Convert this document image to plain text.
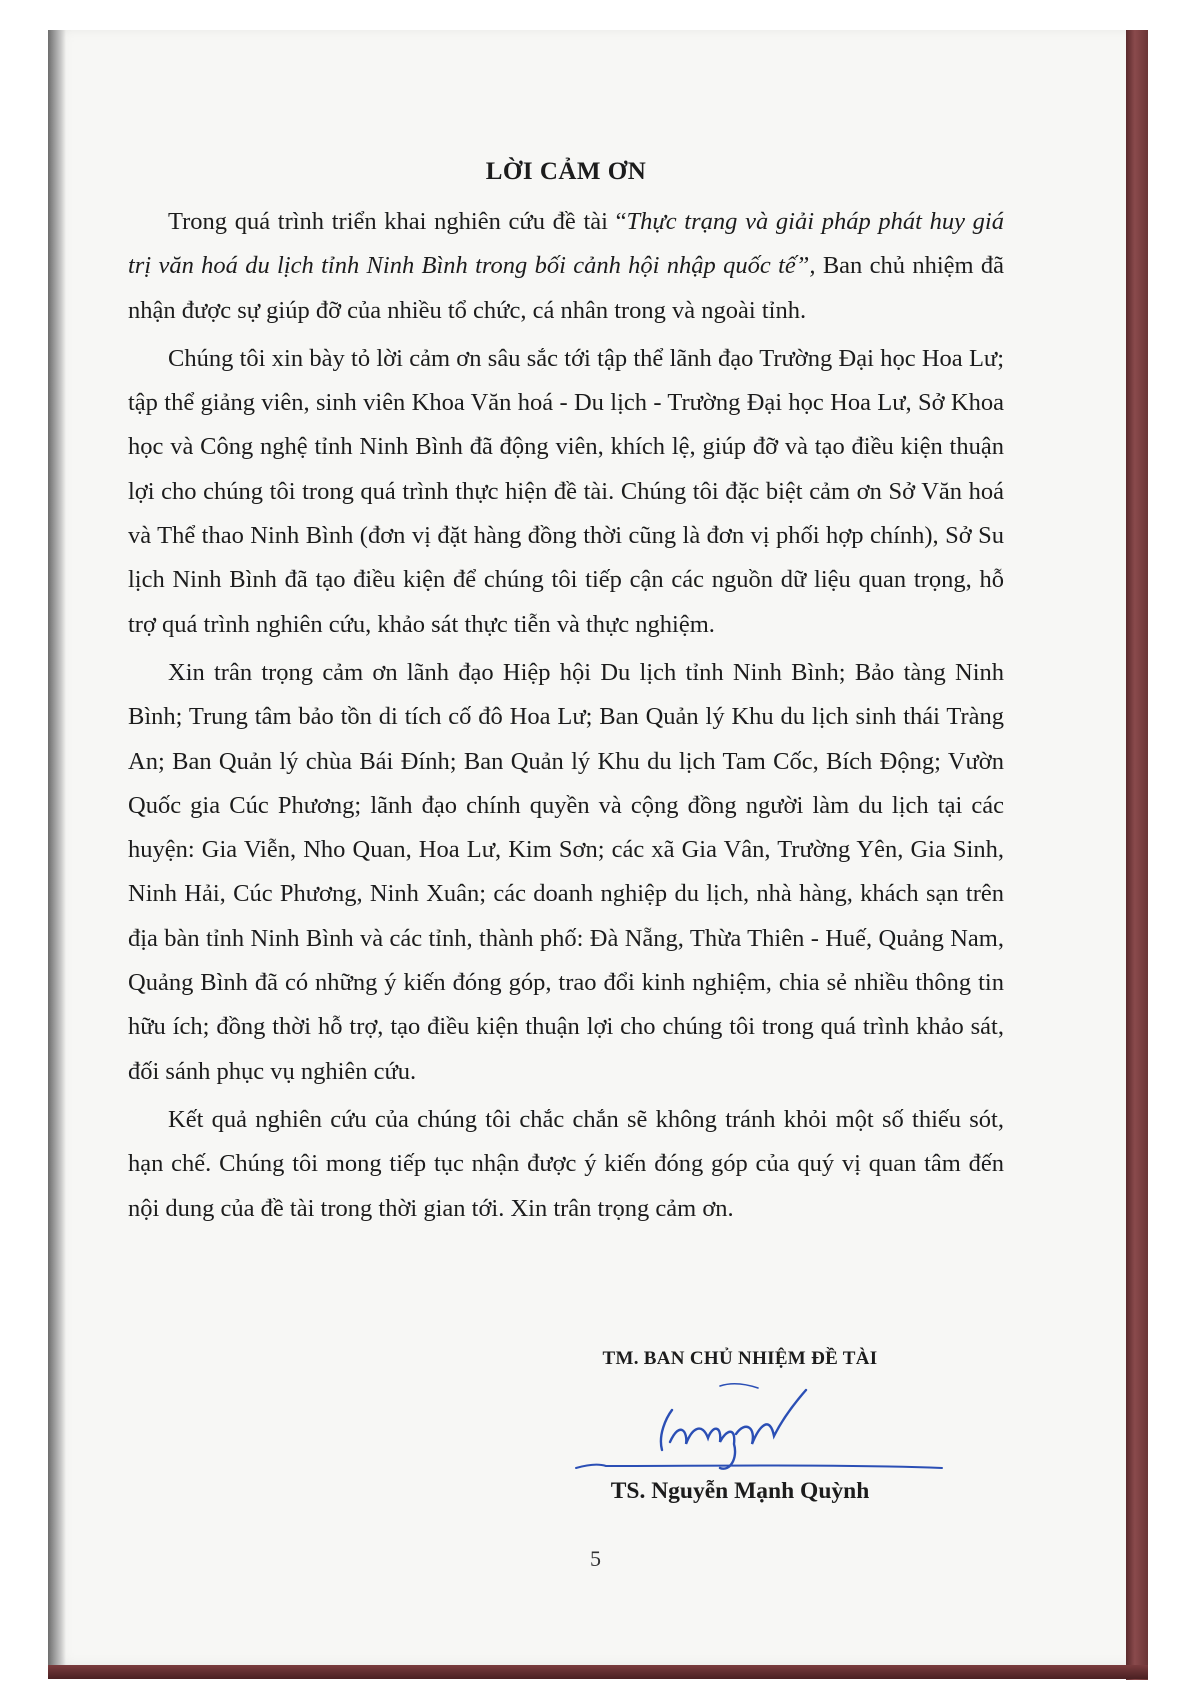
LỜI CẢM ƠN

Trong quá trình triển khai nghiên cứu đề tài “Thực trạng và giải pháp phát huy giá trị văn hoá du lịch tỉnh Ninh Bình trong bối cảnh hội nhập quốc tế”, Ban chủ nhiệm đã nhận được sự giúp đỡ của nhiều tổ chức, cá nhân trong và ngoài tỉnh.

Chúng tôi xin bày tỏ lời cảm ơn sâu sắc tới tập thể lãnh đạo Trường Đại học Hoa Lư; tập thể giảng viên, sinh viên Khoa Văn hoá - Du lịch - Trường Đại học Hoa Lư, Sở Khoa học và Công nghệ tỉnh Ninh Bình đã động viên, khích lệ, giúp đỡ và tạo điều kiện thuận lợi cho chúng tôi trong quá trình thực hiện đề tài. Chúng tôi đặc biệt cảm ơn Sở Văn hoá và Thể thao Ninh Bình (đơn vị đặt hàng đồng thời cũng là đơn vị phối hợp chính), Sở Su lịch Ninh Bình đã tạo điều kiện để chúng tôi tiếp cận các nguồn dữ liệu quan trọng, hỗ trợ quá trình nghiên cứu, khảo sát thực tiễn và thực nghiệm.

Xin trân trọng cảm ơn lãnh đạo Hiệp hội Du lịch tỉnh Ninh Bình; Bảo tàng Ninh Bình; Trung tâm bảo tồn di tích cố đô Hoa Lư; Ban Quản lý Khu du lịch sinh thái Tràng An; Ban Quản lý chùa Bái Đính; Ban Quản lý Khu du lịch Tam Cốc, Bích Động; Vườn Quốc gia Cúc Phương; lãnh đạo chính quyền và cộng đồng người làm du lịch tại các huyện: Gia Viễn, Nho Quan, Hoa Lư, Kim Sơn; các xã Gia Vân, Trường Yên, Gia Sinh, Ninh Hải, Cúc Phương, Ninh Xuân; các doanh nghiệp du lịch, nhà hàng, khách sạn trên địa bàn tỉnh Ninh Bình và các tỉnh, thành phố: Đà Nẵng, Thừa Thiên - Huế, Quảng Nam, Quảng Bình đã có những ý kiến đóng góp, trao đổi kinh nghiệm, chia sẻ nhiều thông tin hữu ích; đồng thời hỗ trợ, tạo điều kiện thuận lợi cho chúng tôi trong quá trình khảo sát, đối sánh phục vụ nghiên cứu.

Kết quả nghiên cứu của chúng tôi chắc chắn sẽ không tránh khỏi một số thiếu sót, hạn chế. Chúng tôi mong tiếp tục nhận được ý kiến đóng góp của quý vị quan tâm đến nội dung của đề tài trong thời gian tới. Xin trân trọng cảm ơn.

TM. BAN CHỦ NHIỆM ĐỀ TÀI
TS. Nguyễn Mạnh Quỳnh
5
